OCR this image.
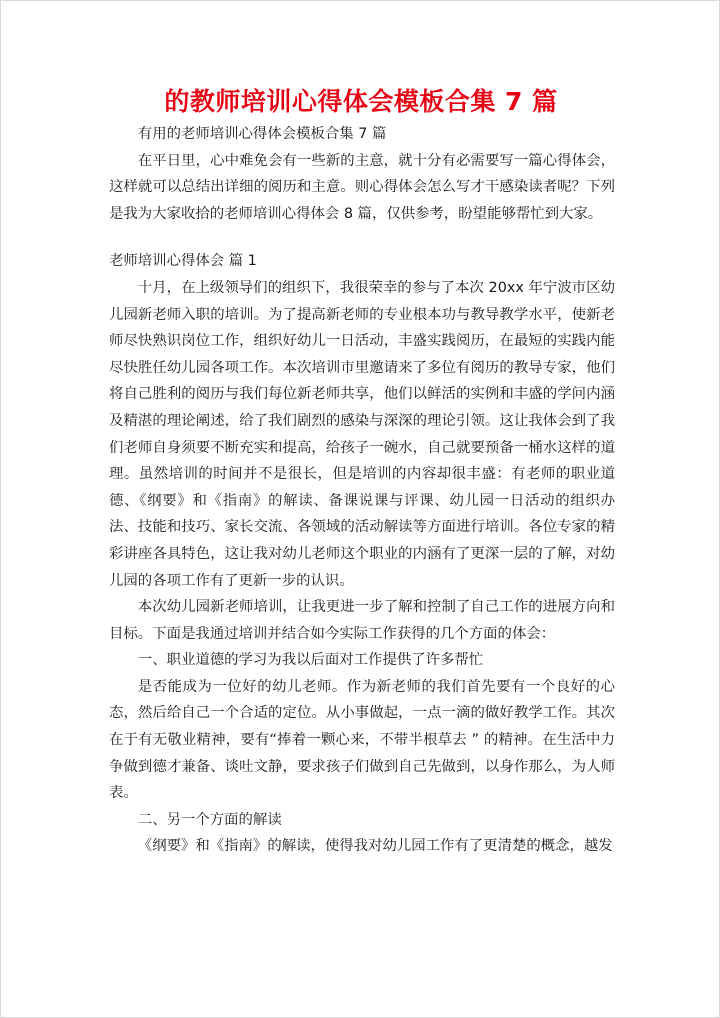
的教师培训心得体会模板合集 7 篇

有用的老师培训心得体会模板合集 7 篇

在平日里，心中难免会有一些新的主意，就十分有必需要写一篇心得体会，这样就可以总结出详细的阅历和主意。则心得体会怎么写才干感染读者呢？下列是我为大家收拾的老师培训心得体会 8 篇，仅供参考，盼望能够帮忙到大家。

老师培训心得体会 篇 1

十月，在上级领导们的组织下，我很荣幸的参与了本次 20xx 年宁波市区幼儿园新老师入职的培训。为了提高新老师的专业根本功与教导教学水平，使新老师尽快熟识岗位工作，组织好幼儿一日活动，丰盛实践阅历，在最短的实践内能尽快胜任幼儿园各项工作。本次培训市里邀请来了多位有阅历的教导专家，他们将自己胜利的阅历与我们每位新老师共享，他们以鲜活的实例和丰盛的学问内涵及精湛的理论阐述，给了我们剧烈的感染与深深的理论引领。这让我体会到了我们老师自身须要不断充实和提高，给孩子一碗水，自己就要预备一桶水这样的道理。虽然培训的时间并不是很长，但是培训的内容却很丰盛：有老师的职业道德、《纲要》和《指南》的解读、备课说课与评课、幼儿园一日活动的组织办法、技能和技巧、家长交流、各领域的活动解读等方面进行培训。各位专家的精彩讲座各具特色，这让我对幼儿老师这个职业的内涵有了更深一层的了解，对幼儿园的各项工作有了更新一步的认识。

本次幼儿园新老师培训，让我更进一步了解和控制了自己工作的进展方向和目标。下面是我通过培训并结合如今实际工作获得的几个方面的体会：

一、职业道德的学习为我以后面对工作提供了许多帮忙

是否能成为一位好的幼儿老师。作为新老师的我们首先要有一个良好的心态，然后给自己一个合适的定位。从小事做起，一点一滴的做好教学工作。其次在于有无敬业精神，要有“捧着一颗心来，不带半根草去 ” 的精神。在生活中力争做到德才兼备、谈吐文静，要求孩子们做到自己先做到，以身作那么，为人师表。

二、另一个方面的解读

《纲要》和《指南》的解读，使得我对幼儿园工作有了更清楚的概念，越发
